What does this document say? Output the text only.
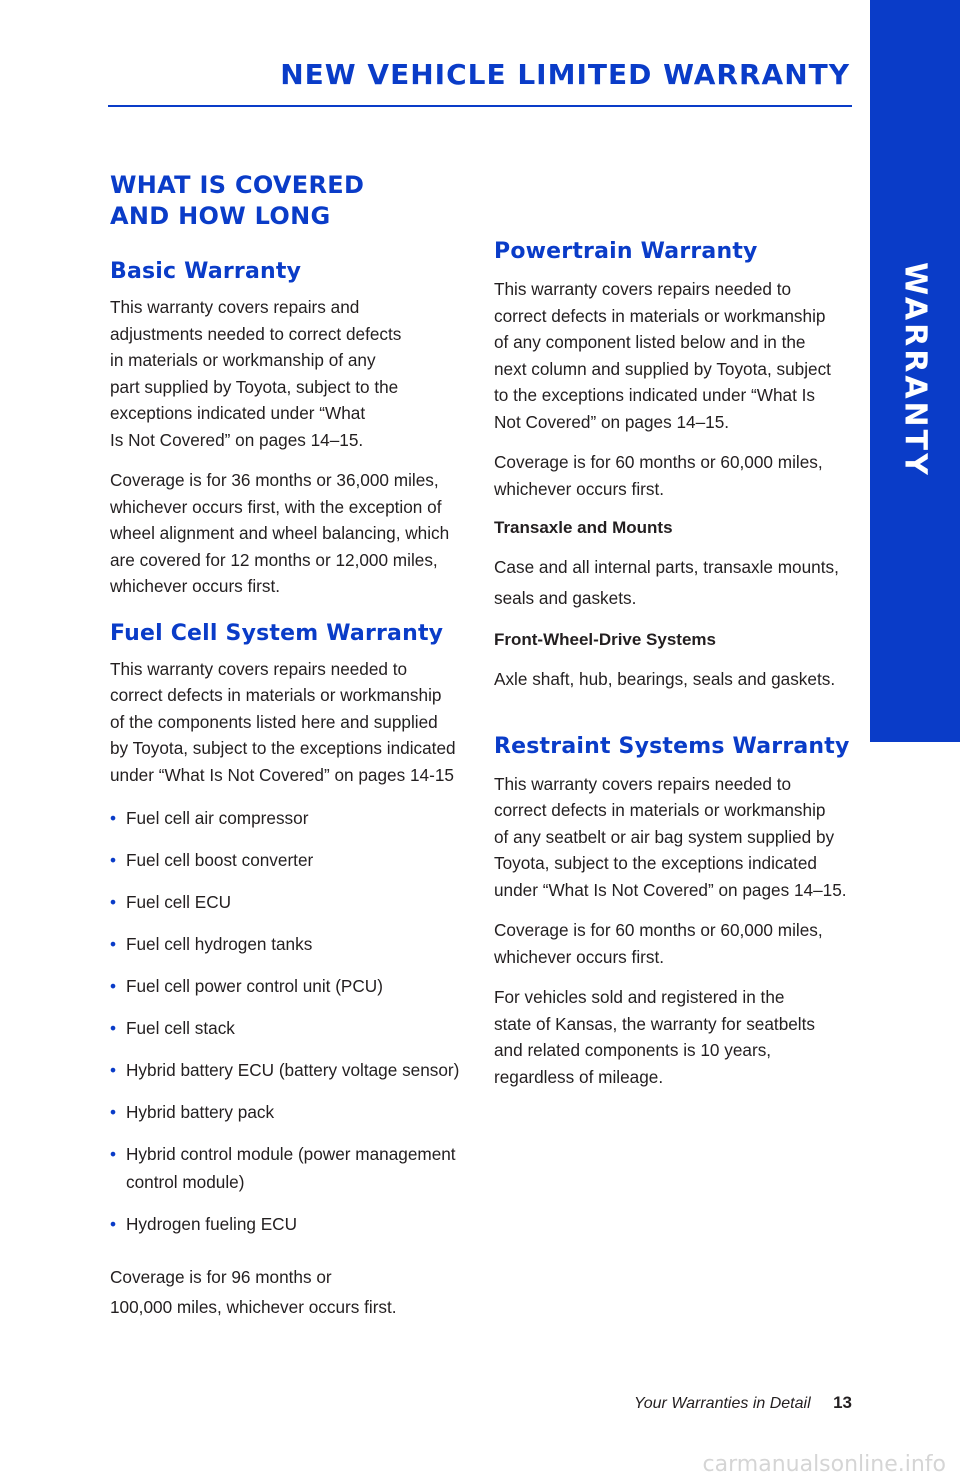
NEW VEHICLE LIMITED WARRANTY
WARRANTY
WHAT IS COVERED
AND HOW LONG
Basic Warranty

This warranty covers repairs and
adjustments needed to correct defects
in materials or workmanship of any
part supplied by Toyota, subject to the
exceptions indicated under “What
Is Not Covered” on pages 14–15.

Coverage is for 36 months or 36,000 miles,
whichever occurs first, with the exception of
wheel alignment and wheel balancing, which
are covered for 12 months or 12,000 miles,
whichever occurs first.

Fuel Cell System Warranty

This warranty covers repairs needed to
correct defects in materials or workmanship
of the components listed here and supplied
by Toyota, subject to the exceptions indicated
under “What Is Not Covered” on pages 14-15

• Fuel cell air compressor
• Fuel cell boost converter
• Fuel cell ECU
• Fuel cell hydrogen tanks
• Fuel cell power control unit (PCU)
• Fuel cell stack
• Hybrid battery ECU (battery voltage sensor)
• Hybrid battery pack
• Hybrid control module (power management control module)
• Hydrogen fueling ECU

Coverage is for 96 months or
100,000 miles, whichever occurs first.

Powertrain Warranty

This warranty covers repairs needed to
correct defects in materials or workmanship
of any component listed below and in the
next column and supplied by Toyota, subject
to the exceptions indicated under “What Is
Not Covered” on pages 14–15.

Coverage is for 60 months or 60,000 miles,
whichever occurs first.

Transaxle and Mounts

Case and all internal parts, transaxle mounts,
seals and gaskets.

Front-Wheel-Drive Systems

Axle shaft, hub, bearings, seals and gaskets.

Restraint Systems Warranty

This warranty covers repairs needed to
correct defects in materials or workmanship
of any seatbelt or air bag system supplied by
Toyota, subject to the exceptions indicated
under “What Is Not Covered” on pages 14–15.

Coverage is for 60 months or 60,000 miles,
whichever occurs first.

For vehicles sold and registered in the
state of Kansas, the warranty for seatbelts
and related components is 10 years,
regardless of mileage.

Your Warranties in Detail 13
carmanualsonline.info
